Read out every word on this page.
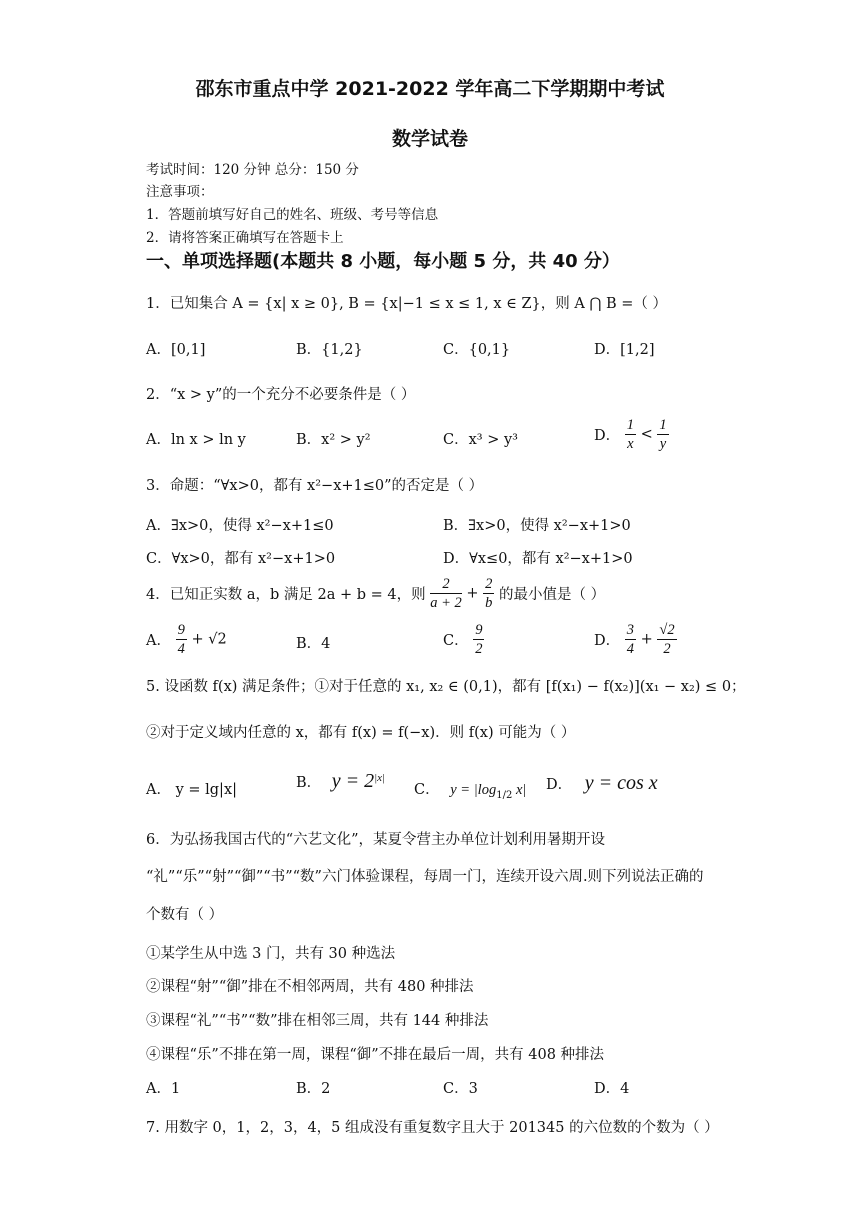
邵东市重点中学 2021-2022 学年高二下学期期中考试
数学试卷
考试时间：120 分钟 总分：150 分
注意事项：
1．答题前填写好自己的姓名、班级、考号等信息
2．请将答案正确填写在答题卡上
一、单项选择题(本题共 8 小题，每小题 5 分，共 40 分）
1．已知集合 A = {x| x ≥ 0}, B = {x|−1 ≤ x ≤ 1, x ∈ Z}，则 A ⋂ B =（ ）
A．[0,1]	B．{1,2}	C．{0,1}	D．[1,2]
2．“x > y”的一个充分不必要条件是（ ）
A．ln x > ln y	B．x² > y²	C．x³ > y³	D． $\frac{1}{x} < \frac{1}{y}$
3．命题：“∀x>0，都有 x²−x+1≤0”的否定是（ ）
A．∃x>0，使得 x²−x+1≤0	B．∃x>0，使得 x²−x+1>0
C．∀x>0，都有 x²−x+1>0	D．∀x≤0，都有 x²−x+1>0
4．已知正实数 a，b 满足 2a + b = 4，则 $\frac{2}{a + 2} + \frac{2}{b}$ 的最小值是（ ）
A． $\frac{9}{4} + √2$	B．4	C． $\frac{9}{2}$	D． $\frac{3}{4} + \frac{√2}{2}$
5. 设函数 f(x) 满足条件；①对于任意的 x₁, x₂ ∈ (0,1)，都有 [f(x₁) − f(x₂)](x₁ − x₂) ≤ 0；
②对于定义域内任意的 x，都有 f(x) = f(−x)．则 f(x) 可能为（ ）
A． y = lg|x|	B． $y = 2^{|x|}$
C． $y = |\log_{1/2}$ x| D． y = cos x
6．为弘扬我国古代的“六艺文化”，某夏令营主办单位计划利用暑期开设
“礼”“乐”“射”“御”“书”“数”六门体验课程，每周一门，连续开设六周.则下列说法正确的
个数有（ ）
①某学生从中选 3 门，共有 30 种选法
②课程“射”“御”排在不相邻两周，共有 480 种排法
③课程“礼”“书”“数”排在相邻三周，共有 144 种排法
④课程“乐”不排在第一周，课程“御”不排在最后一周，共有 408 种排法
A．1	B．2	C．3	D．4
7. 用数字 0，1，2，3，4，5 组成没有重复数字且大于 201345 的六位数的个数为（ ）
